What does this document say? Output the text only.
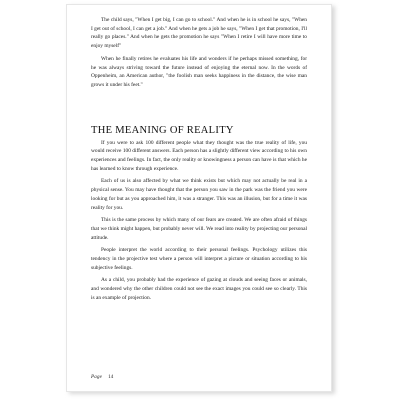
The child says, "When I get big, I can go to school." And when he is in school he says, "When I get out of school, I can get a job." And when he gets a job he says, "When I get that promotion, I'll really go places." And when he gets the promotion he says "When I retire I will have more time to enjoy myself"

When he finally retires he evaluates his life and wonders if he perhaps missed something, for he was always striving toward the future instead of enjoying the eternal now. In the words of Oppenheim, an American author, "the foolish man seeks happiness in the distance, the wise man grows it under his feet."

THE MEANING OF REALITY

If you were to ask 100 different people what they thought was the true reality of life, you would receive 100 different answers. Each person has a slightly different view according to his own experiences and feelings. In fact, the only reality or knowingness a person can have is that which he has learned to know through experience.

Each of us is also affected by what we think exists but which may not actually be real in a physical sense. You may have thought that the person you saw in the park was the friend you were looking for but as you approached him, it was a stranger. This was an illusion, but for a time it was reality for you.

This is the same process by which many of our fears are created. We are often afraid of things that we think might happen, but probably never will. We read into reality by projecting our personal attitude.

People interpret the world according to their personal feelings. Psychology utilizes this tendency in the projective test where a person will interpret a picture or situation according to his subjective feelings.

As a child, you probably had the experience of gazing at clouds and seeing faces or animals, and wondered why the other children could not see the exact images you could see so clearly. This is an example of projection.

Page 14
